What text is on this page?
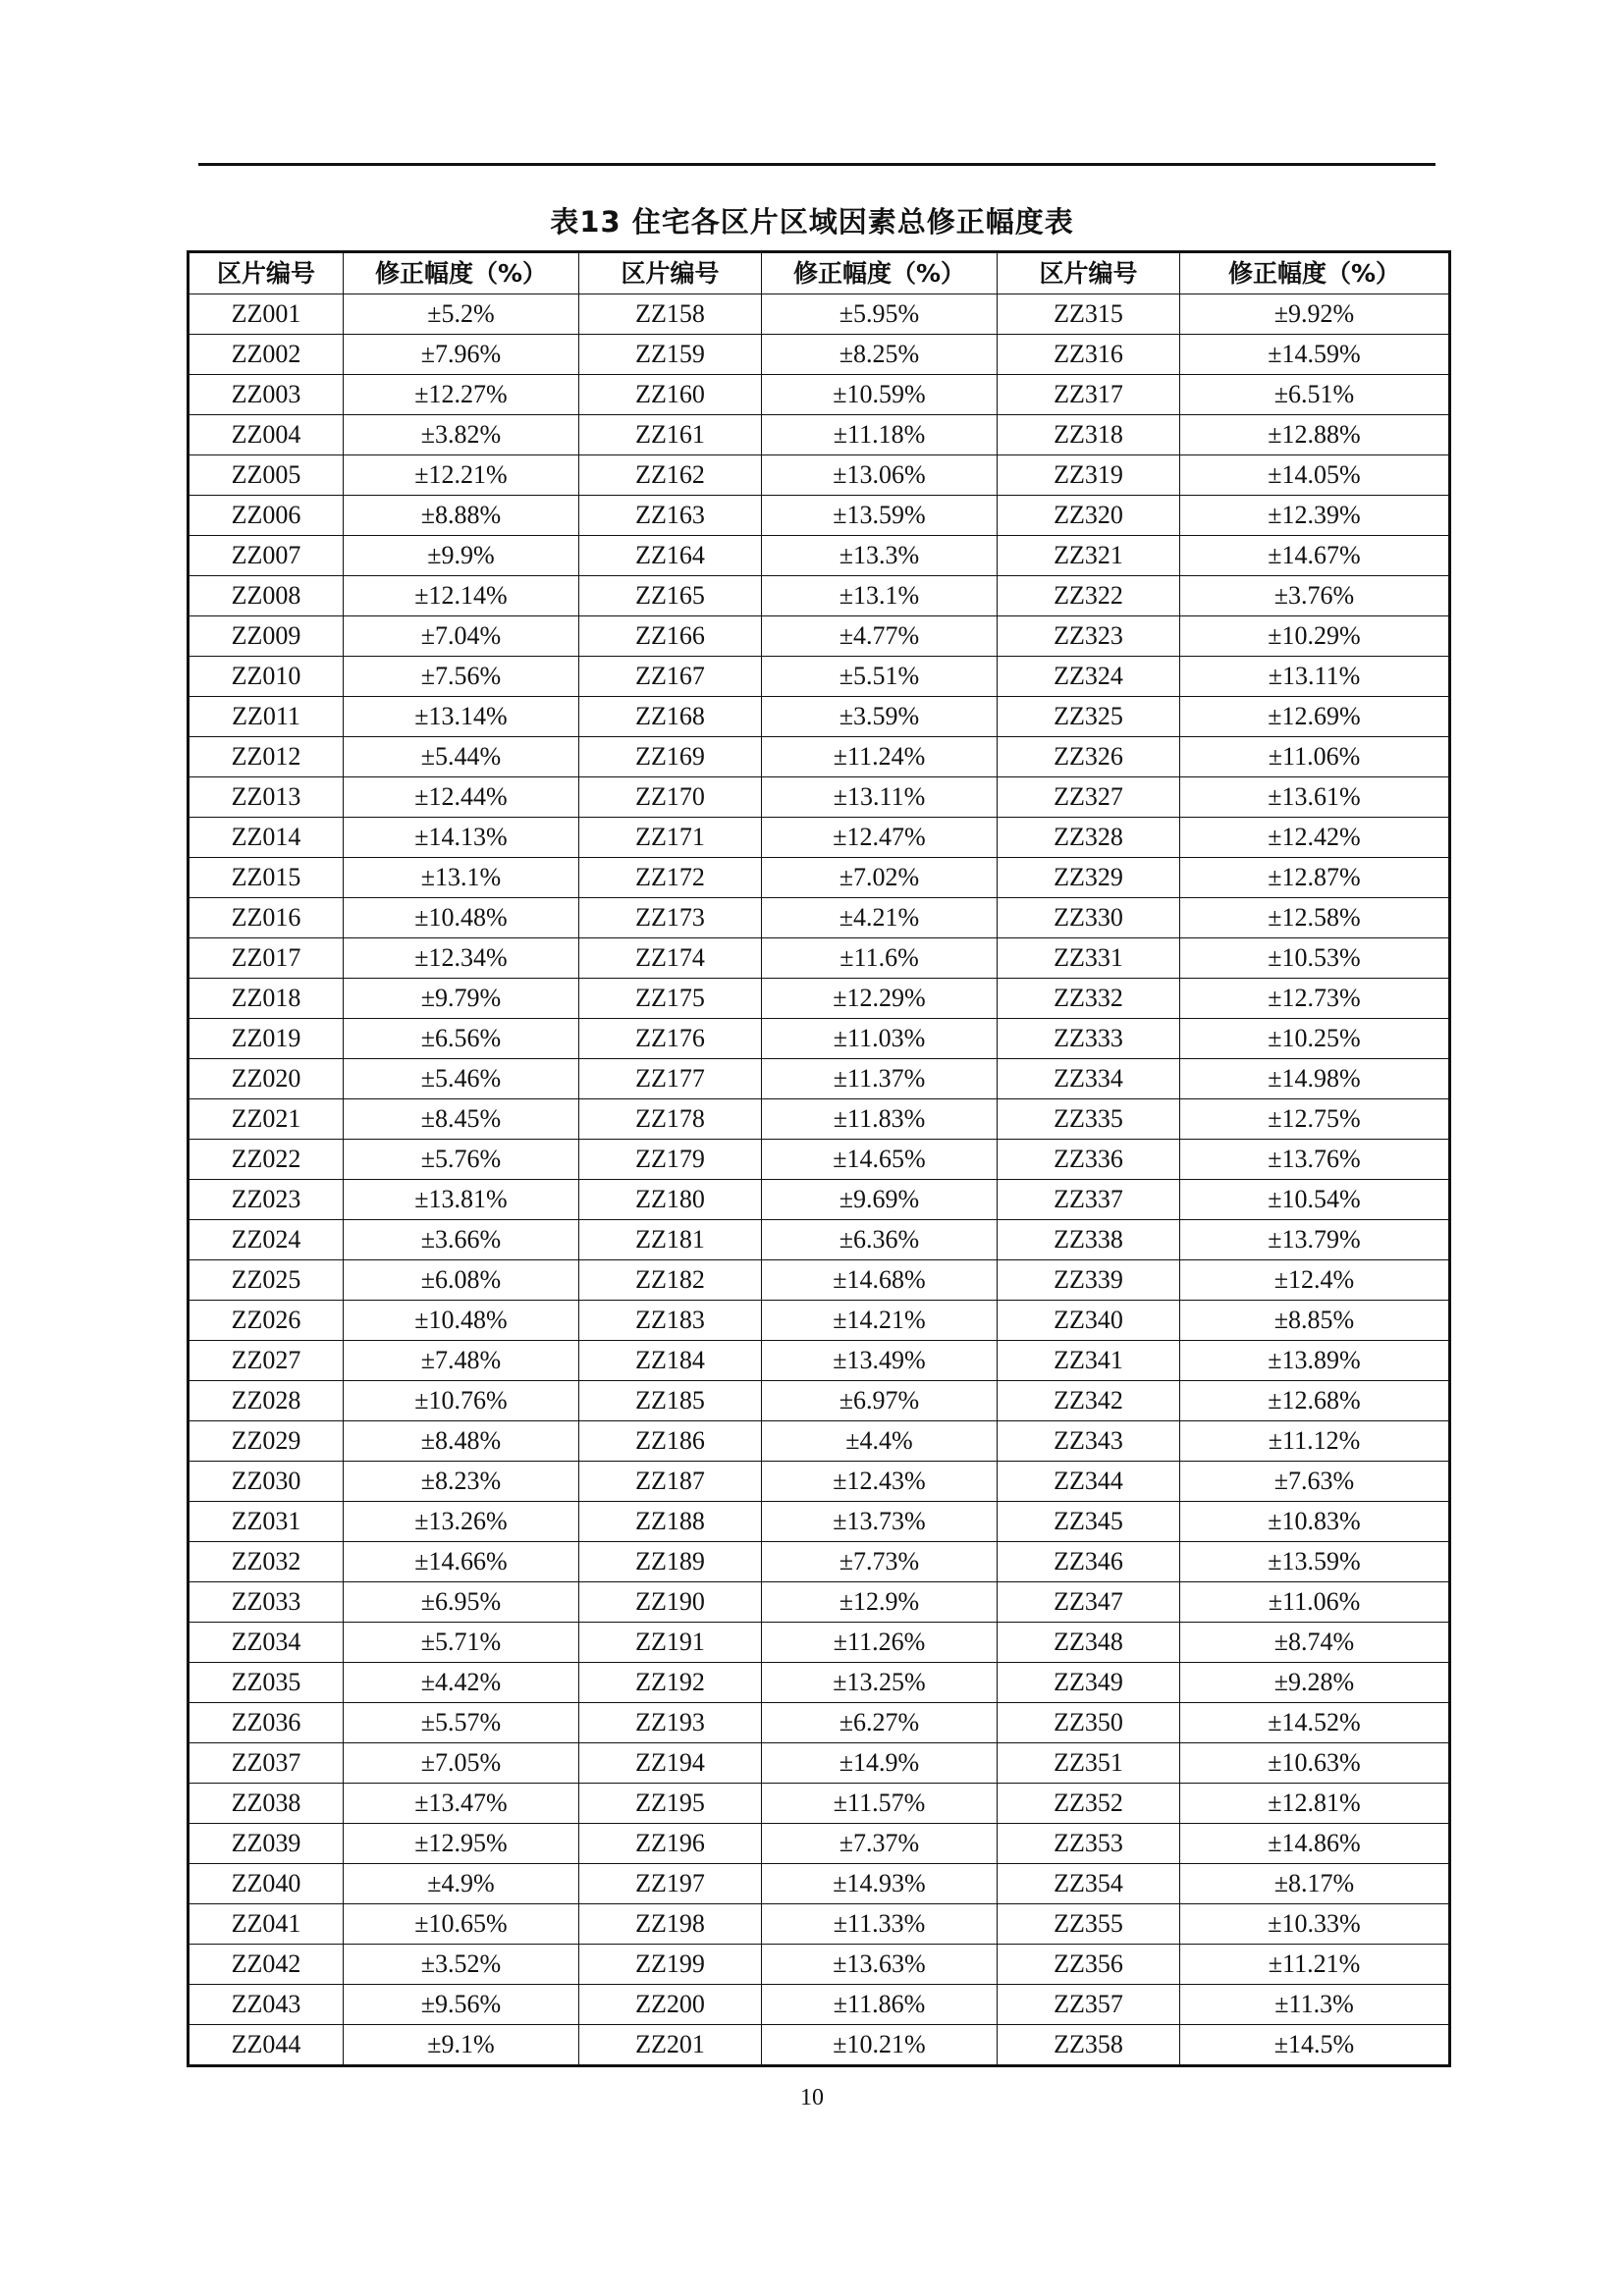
表13 住宅各区片区域因素总修正幅度表
区片编号	修正幅度（%）	区片编号	修正幅度（%）	区片编号	修正幅度（%）
ZZ001	±5.2%	ZZ158	±5.95%	ZZ315	±9.92%
ZZ002	±7.96%	ZZ159	±8.25%	ZZ316	±14.59%
ZZ003	±12.27%	ZZ160	±10.59%	ZZ317	±6.51%
ZZ004	±3.82%	ZZ161	±11.18%	ZZ318	±12.88%
ZZ005	±12.21%	ZZ162	±13.06%	ZZ319	±14.05%
ZZ006	±8.88%	ZZ163	±13.59%	ZZ320	±12.39%
ZZ007	±9.9%	ZZ164	±13.3%	ZZ321	±14.67%
ZZ008	±12.14%	ZZ165	±13.1%	ZZ322	±3.76%
ZZ009	±7.04%	ZZ166	±4.77%	ZZ323	±10.29%
ZZ010	±7.56%	ZZ167	±5.51%	ZZ324	±13.11%
ZZ011	±13.14%	ZZ168	±3.59%	ZZ325	±12.69%
ZZ012	±5.44%	ZZ169	±11.24%	ZZ326	±11.06%
ZZ013	±12.44%	ZZ170	±13.11%	ZZ327	±13.61%
ZZ014	±14.13%	ZZ171	±12.47%	ZZ328	±12.42%
ZZ015	±13.1%	ZZ172	±7.02%	ZZ329	±12.87%
ZZ016	±10.48%	ZZ173	±4.21%	ZZ330	±12.58%
ZZ017	±12.34%	ZZ174	±11.6%	ZZ331	±10.53%
ZZ018	±9.79%	ZZ175	±12.29%	ZZ332	±12.73%
ZZ019	±6.56%	ZZ176	±11.03%	ZZ333	±10.25%
ZZ020	±5.46%	ZZ177	±11.37%	ZZ334	±14.98%
ZZ021	±8.45%	ZZ178	±11.83%	ZZ335	±12.75%
ZZ022	±5.76%	ZZ179	±14.65%	ZZ336	±13.76%
ZZ023	±13.81%	ZZ180	±9.69%	ZZ337	±10.54%
ZZ024	±3.66%	ZZ181	±6.36%	ZZ338	±13.79%
ZZ025	±6.08%	ZZ182	±14.68%	ZZ339	±12.4%
ZZ026	±10.48%	ZZ183	±14.21%	ZZ340	±8.85%
ZZ027	±7.48%	ZZ184	±13.49%	ZZ341	±13.89%
ZZ028	±10.76%	ZZ185	±6.97%	ZZ342	±12.68%
ZZ029	±8.48%	ZZ186	±4.4%	ZZ343	±11.12%
ZZ030	±8.23%	ZZ187	±12.43%	ZZ344	±7.63%
ZZ031	±13.26%	ZZ188	±13.73%	ZZ345	±10.83%
ZZ032	±14.66%	ZZ189	±7.73%	ZZ346	±13.59%
ZZ033	±6.95%	ZZ190	±12.9%	ZZ347	±11.06%
ZZ034	±5.71%	ZZ191	±11.26%	ZZ348	±8.74%
ZZ035	±4.42%	ZZ192	±13.25%	ZZ349	±9.28%
ZZ036	±5.57%	ZZ193	±6.27%	ZZ350	±14.52%
ZZ037	±7.05%	ZZ194	±14.9%	ZZ351	±10.63%
ZZ038	±13.47%	ZZ195	±11.57%	ZZ352	±12.81%
ZZ039	±12.95%	ZZ196	±7.37%	ZZ353	±14.86%
ZZ040	±4.9%	ZZ197	±14.93%	ZZ354	±8.17%
ZZ041	±10.65%	ZZ198	±11.33%	ZZ355	±10.33%
ZZ042	±3.52%	ZZ199	±13.63%	ZZ356	±11.21%
ZZ043	±9.56%	ZZ200	±11.86%	ZZ357	±11.3%
ZZ044	±9.1%	ZZ201	±10.21%	ZZ358	±14.5%
10
